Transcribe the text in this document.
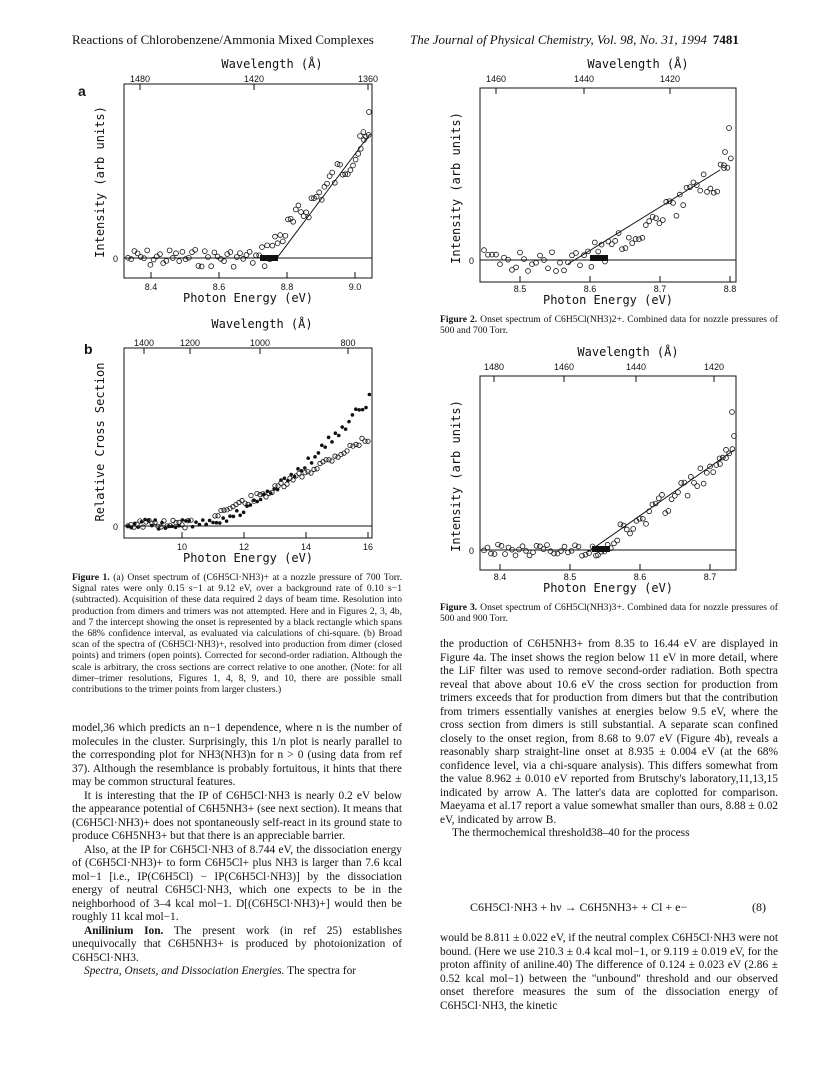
Reactions of Chlorobenzene/Ammonia Mixed Complexes	The Journal of Physical Chemistry, Vol. 98, No. 31, 1994 7481
Wavelength (Å)
1480	1420	1360
a
0
8.4	8.6	8.8	9.0
Photon Energy (eV)
Intensity (arb units)
Wavelength (Å)
1400	1200	1000	800
b
0
10	12	14	16
Photon Energy (eV)
Relative Cross Section
Figure 1. (a) Onset spectrum of (C6H5Cl·NH3)+ at a nozzle pressure of 700 Torr. Signal rates were only 0.15 s−1 at 9.12 eV, over a background rate of 0.10 s−1 (subtracted). Acquisition of these data required 2 days of beam time. Resolution into production from dimers and trimers was not attempted. Here and in Figures 2, 3, 4b, and 7 the intercept showing the onset is represented by a black rectangle which spans the 68% confidence interval, as evaluated via calculations of chi-square. (b) Broad scan of the spectra of (C6H5Cl·NH3)+, resolved into production from dimer (closed points) and trimers (open points). Corrected for second-order radiation. Although the scale is arbitrary, the cross sections are correct relative to one another. (Note: for all dimer–trimer resolutions, Figures 1, 4, 8, 9, and 10, there are possible small contributions to the trimer points from larger clusters.)

model,36 which predicts an n−1 dependence, where n is the number of molecules in the cluster. Surprisingly, this 1/n plot is nearly parallel to the corresponding plot for NH3(NH3)n for n > 0 (using data from ref 37). Although the resemblance is probably fortuitous, it hints that there may be common structural features.

It is interesting that the IP of C6H5Cl·NH3 is nearly 0.2 eV below the appearance potential of C6H5NH3+ (see next section). It means that (C6H5Cl·NH3)+ does not spontaneously self-react in its ground state to produce C6H5NH3+ but that there is an appreciable barrier.

Also, at the IP for C6H5Cl·NH3 of 8.744 eV, the dissociation energy of (C6H5Cl·NH3)+ to form C6H5Cl+ plus NH3 is larger than 7.6 kcal mol−1 [i.e., IP(C6H5Cl) − IP(C6H5Cl·NH3)] by the dissociation energy of neutral C6H5Cl·NH3, which one expects to be in the neighborhood of 3–4 kcal mol−1. D[(C6H5Cl·NH3)+] would then be roughly 11 kcal mol−1.

Anilinium Ion. The present work (in ref 25) establishes unequivocally that C6H5NH3+ is produced by photoionization of C6H5Cl·NH3.

Spectra, Onsets, and Dissociation Energies. The spectra for

Wavelength (Å)
1460	1440	1420
0
8.5	8.6	8.7	8.8
Photon Energy (eV)
Intensity (arb units)
Figure 2. Onset spectrum of C6H5Cl(NH3)2+. Combined data for nozzle pressures of 500 and 700 Torr.
Wavelength (Å)
1480	1460	1440	1420
0
8.4	8.5	8.6	8.7
Photon Energy (eV)
Intensity (arb units)
Figure 3. Onset spectrum of C6H5Cl(NH3)3+. Combined data for nozzle pressures of 500 and 900 Torr.

the production of C6H5NH3+ from 8.35 to 16.44 eV are displayed in Figure 4a. The inset shows the region below 11 eV in more detail, where the LiF filter was used to remove second-order radiation. Both spectra reveal that above about 10.6 eV the cross section for production from trimers exceeds that for production from dimers but that the contribution from trimers essentially vanishes at energies below 9.5 eV, where the cross section from dimers is still substantial. A separate scan confined closely to the onset region, from 8.68 to 9.07 eV (Figure 4b), reveals a reasonably sharp straight-line onset at 8.935 ± 0.004 eV (at the 68% confidence level, via a chi-square analysis). This differs somewhat from the value 8.962 ± 0.010 eV reported from Brutschy's laboratory,11,13,15 indicated by arrow A. The latter's data are coplotted for comparison. Maeyama et al.17 report a value somewhat smaller than ours, 8.88 ± 0.02 eV, indicated by arrow B.

The thermochemical threshold38–40 for the process

C6H5Cl·NH3 + hν → C6H5NH3+ + Cl + e−	(8)

would be 8.811 ± 0.022 eV, if the neutral complex C6H5Cl·NH3 were not bound. (Here we use 210.3 ± 0.4 kcal mol−1, or 9.119 ± 0.019 eV, for the proton affinity of aniline.40) The difference of 0.124 ± 0.023 eV (2.86 ± 0.52 kcal mol−1) between the "unbound" threshold and our observed onset therefore measures the sum of the dissociation energy of C6H5Cl·NH3, the kinetic
